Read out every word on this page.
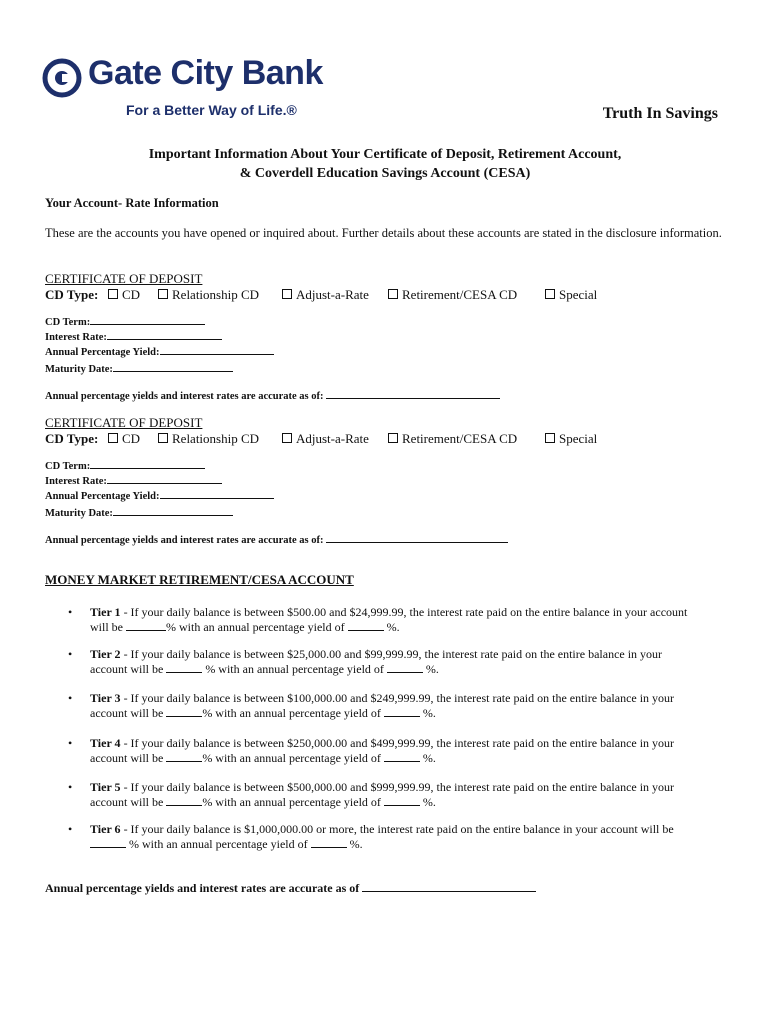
Gate City Bank
For a Better Way of Life.®	Truth In Savings
Important Information About Your Certificate of Deposit, Retirement Account,
& Coverdell Education Savings Account (CESA)
Your Account- Rate Information
These are the accounts you have opened or inquired about. Further details about these accounts are stated in the disclosure information.
CERTIFICATE OF DEPOSIT
CD Type:	CD	Relationship CD	Adjust-a-Rate	Retirement/CESA CD	Special
CD Term:
Interest Rate:
Annual Percentage Yield:
Maturity Date:
Annual percentage yields and interest rates are accurate as of:
CERTIFICATE OF DEPOSIT
CD Type:	CD	Relationship CD	Adjust-a-Rate	Retirement/CESA CD	Special
CD Term:
Interest Rate:
Annual Percentage Yield:
Maturity Date:
Annual percentage yields and interest rates are accurate as of:
MONEY MARKET RETIREMENT/CESA ACCOUNT
• Tier 1 - If your daily balance is between $500.00 and $24,999.99, the interest rate paid on the entire balance in your account
will be	% with an annual percentage yield of	%.
• Tier 2 - If your daily balance is between $25,000.00 and $99,999.99, the interest rate paid on the entire balance in your
account will be	% with an annual percentage yield of	%.
• Tier 3 - If your daily balance is between $100,000.00 and $249,999.99, the interest rate paid on the entire balance in your
account will be	% with an annual percentage yield of	%.
• Tier 4 - If your daily balance is between $250,000.00 and $499,999.99, the interest rate paid on the entire balance in your
account will be	% with an annual percentage yield of	%.
• Tier 5 - If your daily balance is between $500,000.00 and $999,999.99, the interest rate paid on the entire balance in your
account will be	% with an annual percentage yield of	%.
• Tier 6 - If your daily balance is $1,000,000.00 or more, the interest rate paid on the entire balance in your account will be
% with an annual percentage yield of	%.
Annual percentage yields and interest rates are accurate as of
